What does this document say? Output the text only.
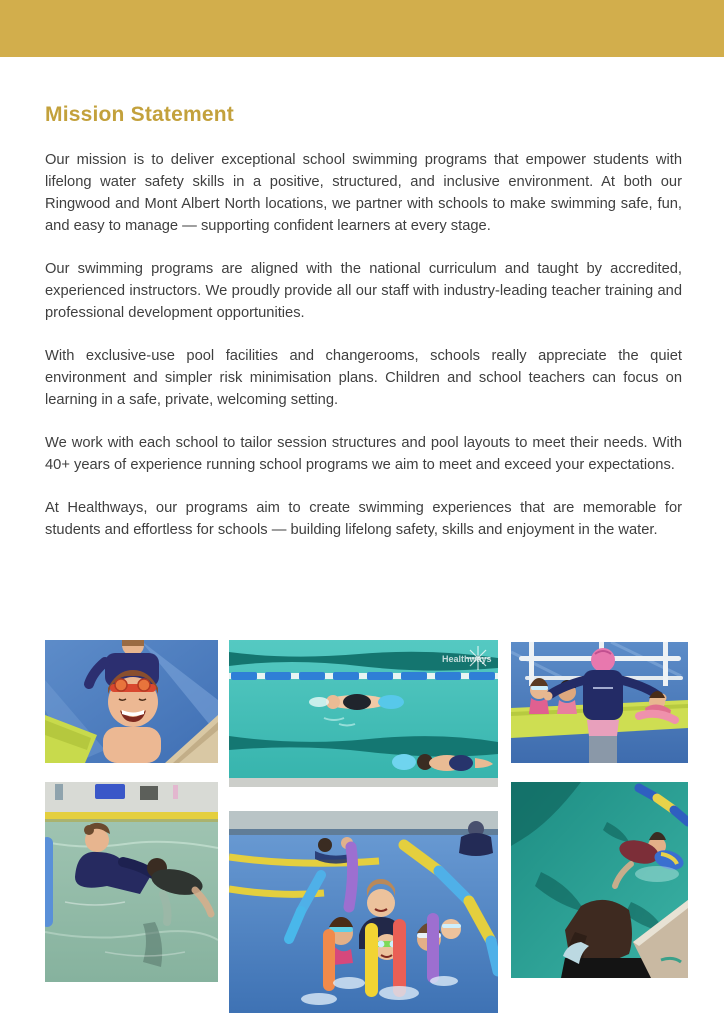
Mission Statement

Our mission is to deliver exceptional school swimming programs that empower students with lifelong water safety skills in a positive, structured, and inclusive environment. At both our Ringwood and Mont Albert North locations, we partner with schools to make swimming safe, fun, and easy to manage — supporting confident learners at every stage.

Our swimming programs are aligned with the national curriculum and taught by accredited, experienced instructors. We proudly provide all our staff with industry-leading teacher training and professional development opportunities.

With exclusive-use pool facilities and changerooms, schools really appreciate the quiet environment and simpler risk minimisation plans. Children and school teachers can focus on learning in a safe, private, welcoming setting.

We work with each school to tailor session structures and pool layouts to meet their needs. With 40+ years of experience running school programs we aim to meet and exceed your expectations.

At Healthways, our programs aim to create swimming experiences that are memorable for students and effortless for schools — building lifelong safety, skills and enjoyment in the water.

Healthways
